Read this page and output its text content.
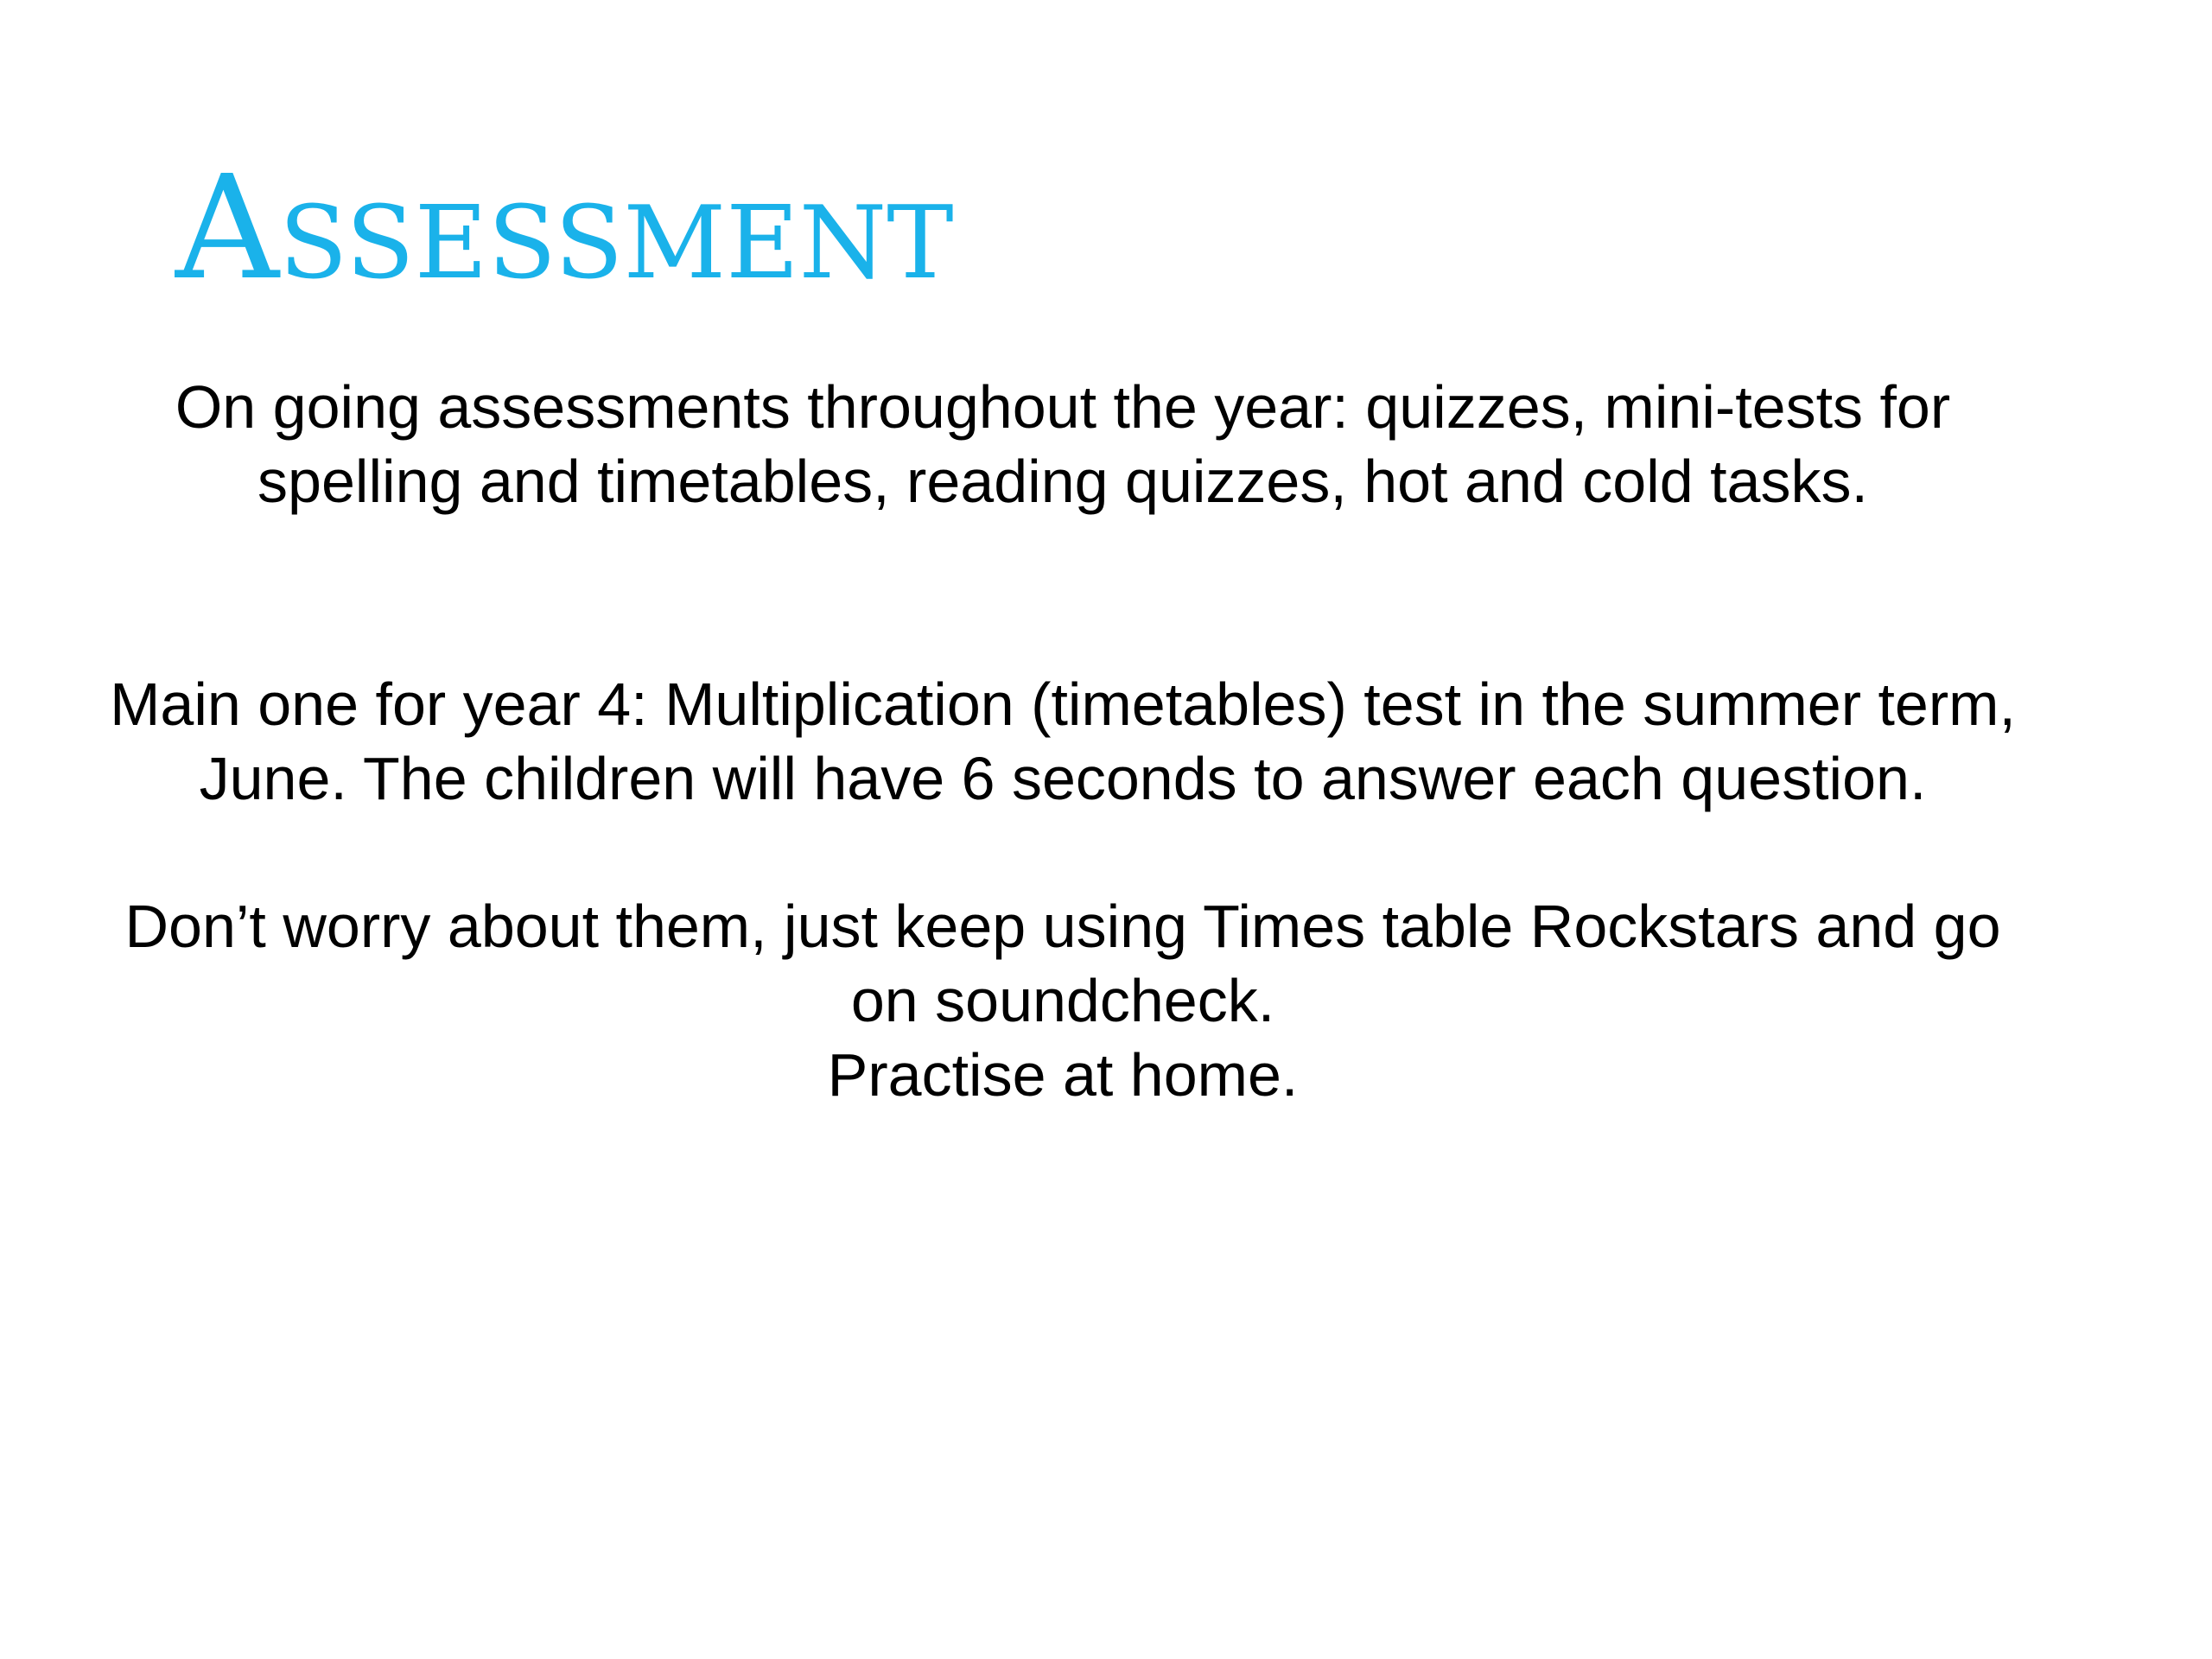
Assessment

On going assessments throughout the year: quizzes, mini-tests for
spelling and timetables, reading quizzes, hot and cold tasks.

Main one for year 4: Multiplication (timetables) test in the summer term,
June. The children will have 6 seconds to answer each question.

Don’t worry about them, just keep using Times table Rockstars and go
on soundcheck.
Practise at home.
